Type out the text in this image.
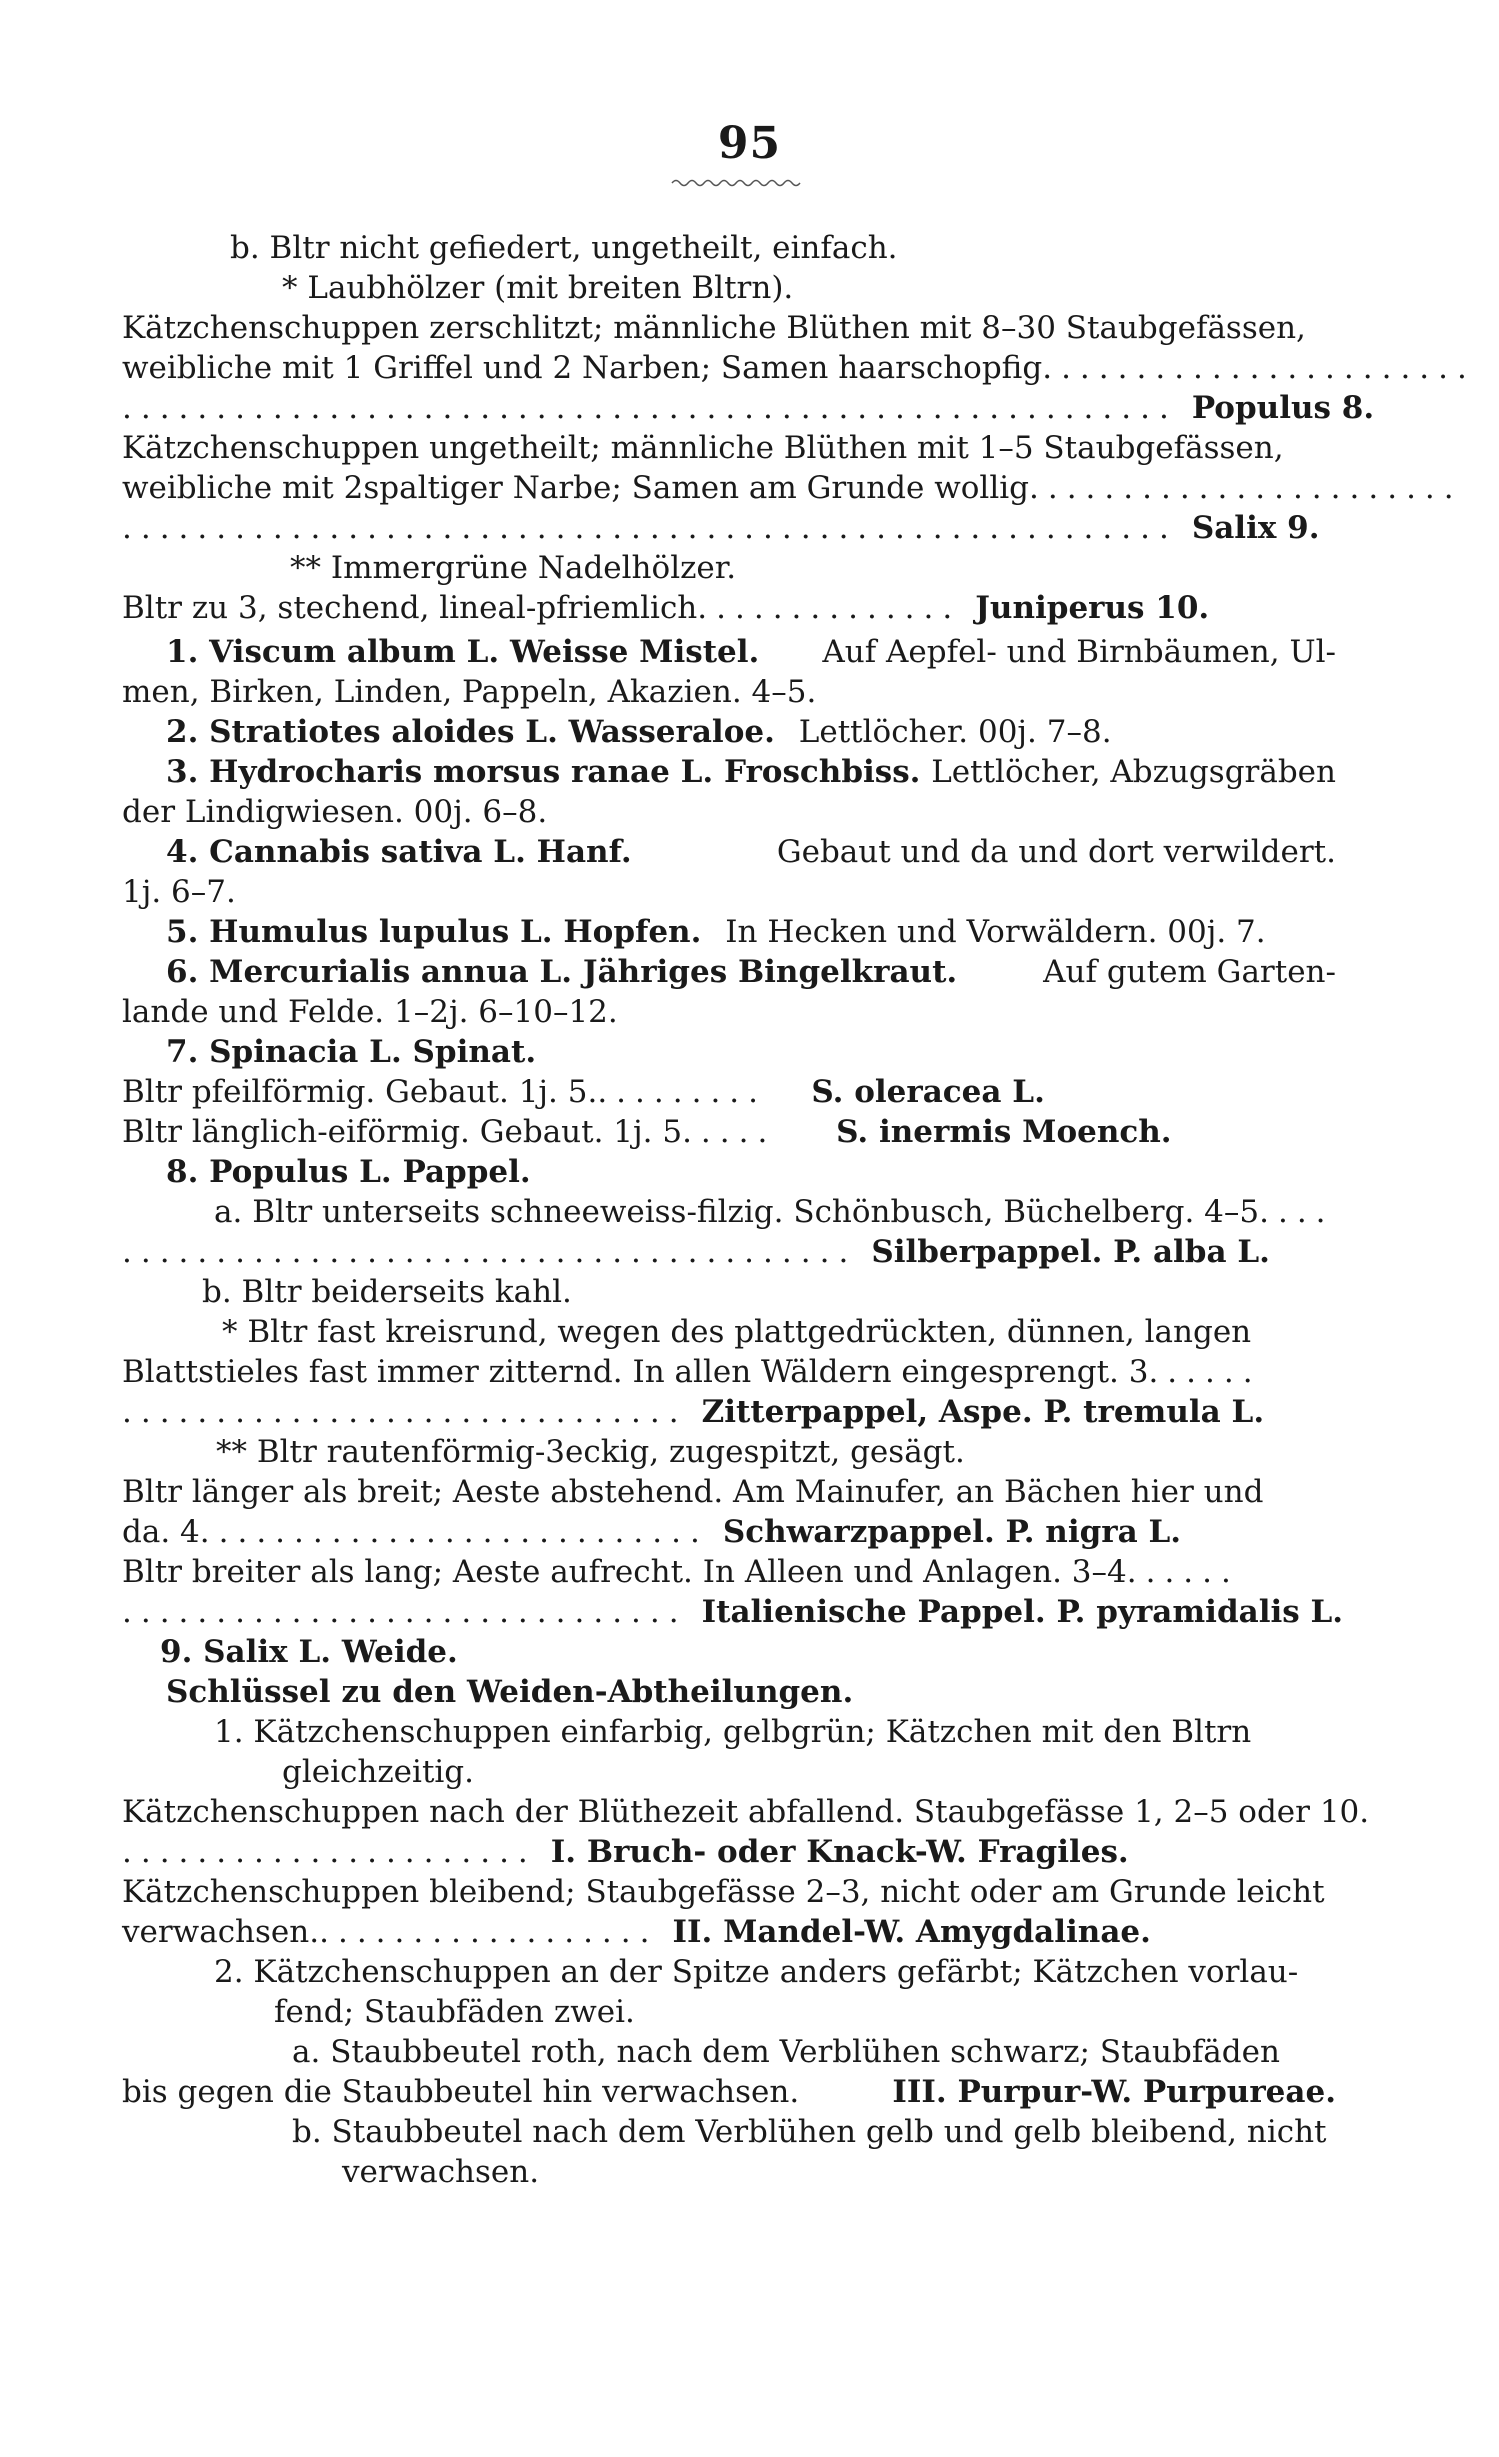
95
b. Bltr nicht gefiedert, ungetheilt, einfach.
* Laubhölzer (mit breiten Bltrn).
Kätzchenschuppen zerschlitzt; männliche Blüthen mit 8–30 Staubgefässen,
weibliche mit 1 Griffel und 2 Narben; Samen haarschopfig .......................
........................................................ Populus 8.
Kätzchenschuppen ungetheilt; männliche Blüthen mit 1–5 Staubgefässen,
weibliche mit 2spaltiger Narbe; Samen am Grunde wollig .......................
........................................................ Salix 9.
** Immergrüne Nadelhölzer.
Bltr zu 3, stechend, lineal-pfriemlich .............. Juniperus 10.
1. Viscum album L. Weisse Mistel. Auf Aepfel- und Birnbäumen, Ul-
men, Birken, Linden, Pappeln, Akazien. 4–5.
2. Stratiotes aloides L. Wasseraloe. Lettlöcher. 00j. 7–8.
3. Hydrocharis morsus ranae L. Froschbiss. Lettlöcher, Abzugsgräben
der Lindigwiesen. 00j. 6–8.
4. Cannabis sativa L. Hanf.	Gebaut und da und dort verwildert.
1j. 6–7.
5. Humulus lupulus L. Hopfen. In Hecken und Vorwäldern. 00j. 7.
6. Mercurialis annua L. Jähriges Bingelkraut.	Auf gutem Garten-
lande und Felde. 1–2j. 6–10–12.
7. Spinacia L. Spinat.
Bltr pfeilförmig. Gebaut. 1j. 5. .........	S. oleracea L.
Bltr länglich-eiförmig. Gebaut. 1j. 5 .....	S. inermis Moench.
8. Populus L. Pappel.
a. Bltr unterseits schneeweiss-filzig. Schönbusch, Büchelberg. 4–5 ....
....................................... Silberpappel. P. alba L.
b. Bltr beiderseits kahl.
* Bltr fast kreisrund, wegen des plattgedrückten, dünnen, langen
Blattstieles fast immer zitternd. In allen Wäldern eingesprengt. 3 ......
.............................. Zitterpappel, Aspe. P. tremula L.
** Bltr rautenförmig-3eckig, zugespitzt, gesägt.
Bltr länger als breit; Aeste abstehend. Am Mainufer, an Bächen hier und
da. 4 ........................... Schwarzpappel. P. nigra L.
Bltr breiter als lang; Aeste aufrecht. In Alleen und Anlagen. 3–4 ......
.............................. Italienische Pappel. P. pyramidalis L.
9. Salix L. Weide.
Schlüssel zu den Weiden-Abtheilungen.
1. Kätzchenschuppen einfarbig, gelbgrün; Kätzchen mit den Bltrn
gleichzeitig.
Kätzchenschuppen nach der Blüthezeit abfallend. Staubgefässe 1, 2–5 oder 10.
...................... I. Bruch- oder Knack-W. Fragiles.
Kätzchenschuppen bleibend; Staubgefässe 2–3, nicht oder am Grunde leicht
verwachsen. .................. II. Mandel-W. Amygdalinae.
2. Kätzchenschuppen an der Spitze anders gefärbt; Kätzchen vorlau-
fend; Staubfäden zwei.
a. Staubbeutel roth, nach dem Verblühen schwarz; Staubfäden
bis gegen die Staubbeutel hin verwachsen.	III. Purpur-W. Purpureae.
b. Staubbeutel nach dem Verblühen gelb und gelb bleibend, nicht
verwachsen.
